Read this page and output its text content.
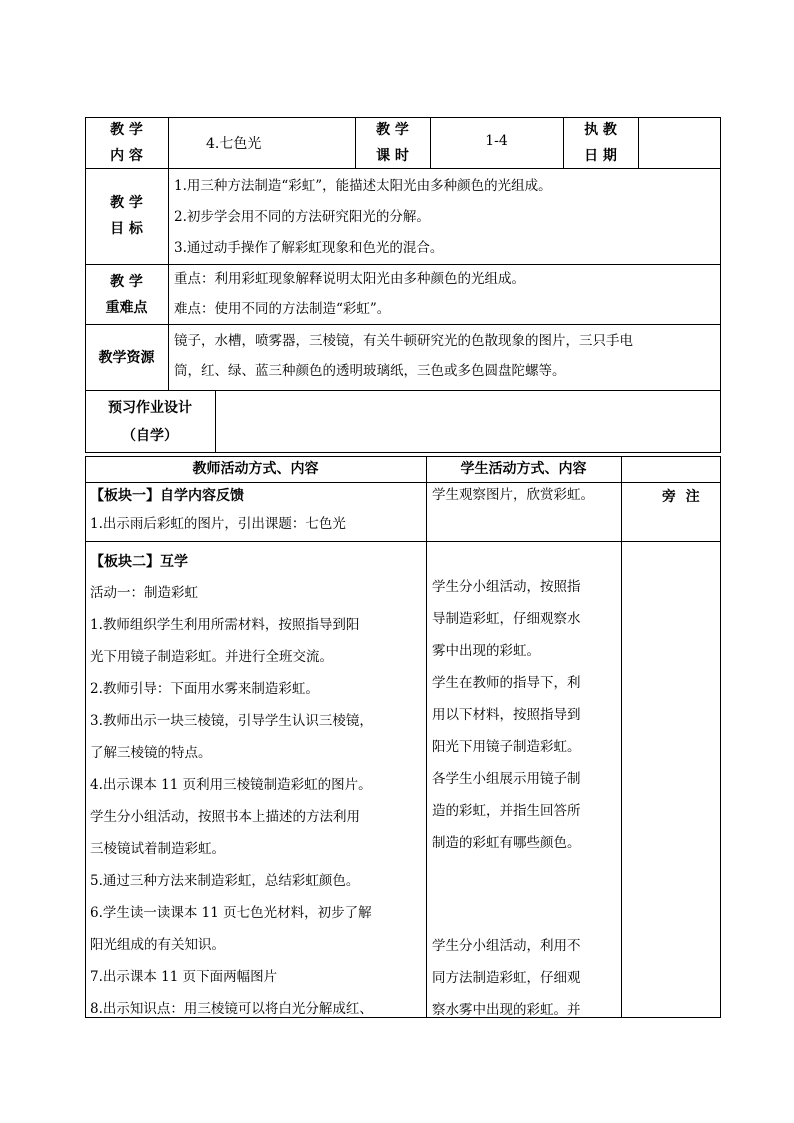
教 学
内 容
4.七色光
教 学
课 时
1-4
执 教
日 期
教 学
目 标
1.用三种方法制造“彩虹”，能描述太阳光由多种颜色的光组成。
2.初步学会用不同的方法研究阳光的分解。
3.通过动手操作了解彩虹现象和色光的混合。
教 学
重难点
重点：利用彩虹现象解释说明太阳光由多种颜色的光组成。
难点：使用不同的方法制造“彩虹”。
教学资源
镜子，水槽，喷雾器，三棱镜，有关牛顿研究光的色散现象的图片，三只手电
筒，红、绿、蓝三种颜色的透明玻璃纸，三色或多色圆盘陀螺等。
预习作业设计
（自学）
教师活动方式、内容	学生活动方式、内容

旁  注

【板块一】自学内容反馈
1.出示雨后彩虹的图片，引出课题：七色光
学生观察图片，欣赏彩虹。
【板块二】互学
活动一：制造彩虹
1.教师组织学生利用所需材料，按照指导到阳
光下用镜子制造彩虹。并进行全班交流。
2.教师引导：下面用水雾来制造彩虹。
3.教师出示一块三棱镜，引导学生认识三棱镜，
了解三棱镜的特点。
4.出示课本 11 页利用三棱镜制造彩虹的图片。
学生分小组活动，按照书本上描述的方法利用
三棱镜试着制造彩虹。
5.通过三种方法来制造彩虹，总结彩虹颜色。
6.学生读一读课本 11 页七色光材料，初步了解
阳光组成的有关知识。
7.出示课本 11 页下面两幅图片
8.出示知识点：用三棱镜可以将白光分解成红、
学生分小组活动，按照指
导制造彩虹，仔细观察水
雾中出现的彩虹。
学生在教师的指导下，利
用以下材料，按照指导到
阳光下用镜子制造彩虹。
各学生小组展示用镜子制
造的彩虹，并指生回答所
制造的彩虹有哪些颜色。
学生分小组活动，利用不
同方法制造彩虹，仔细观
察水雾中出现的彩虹。并
